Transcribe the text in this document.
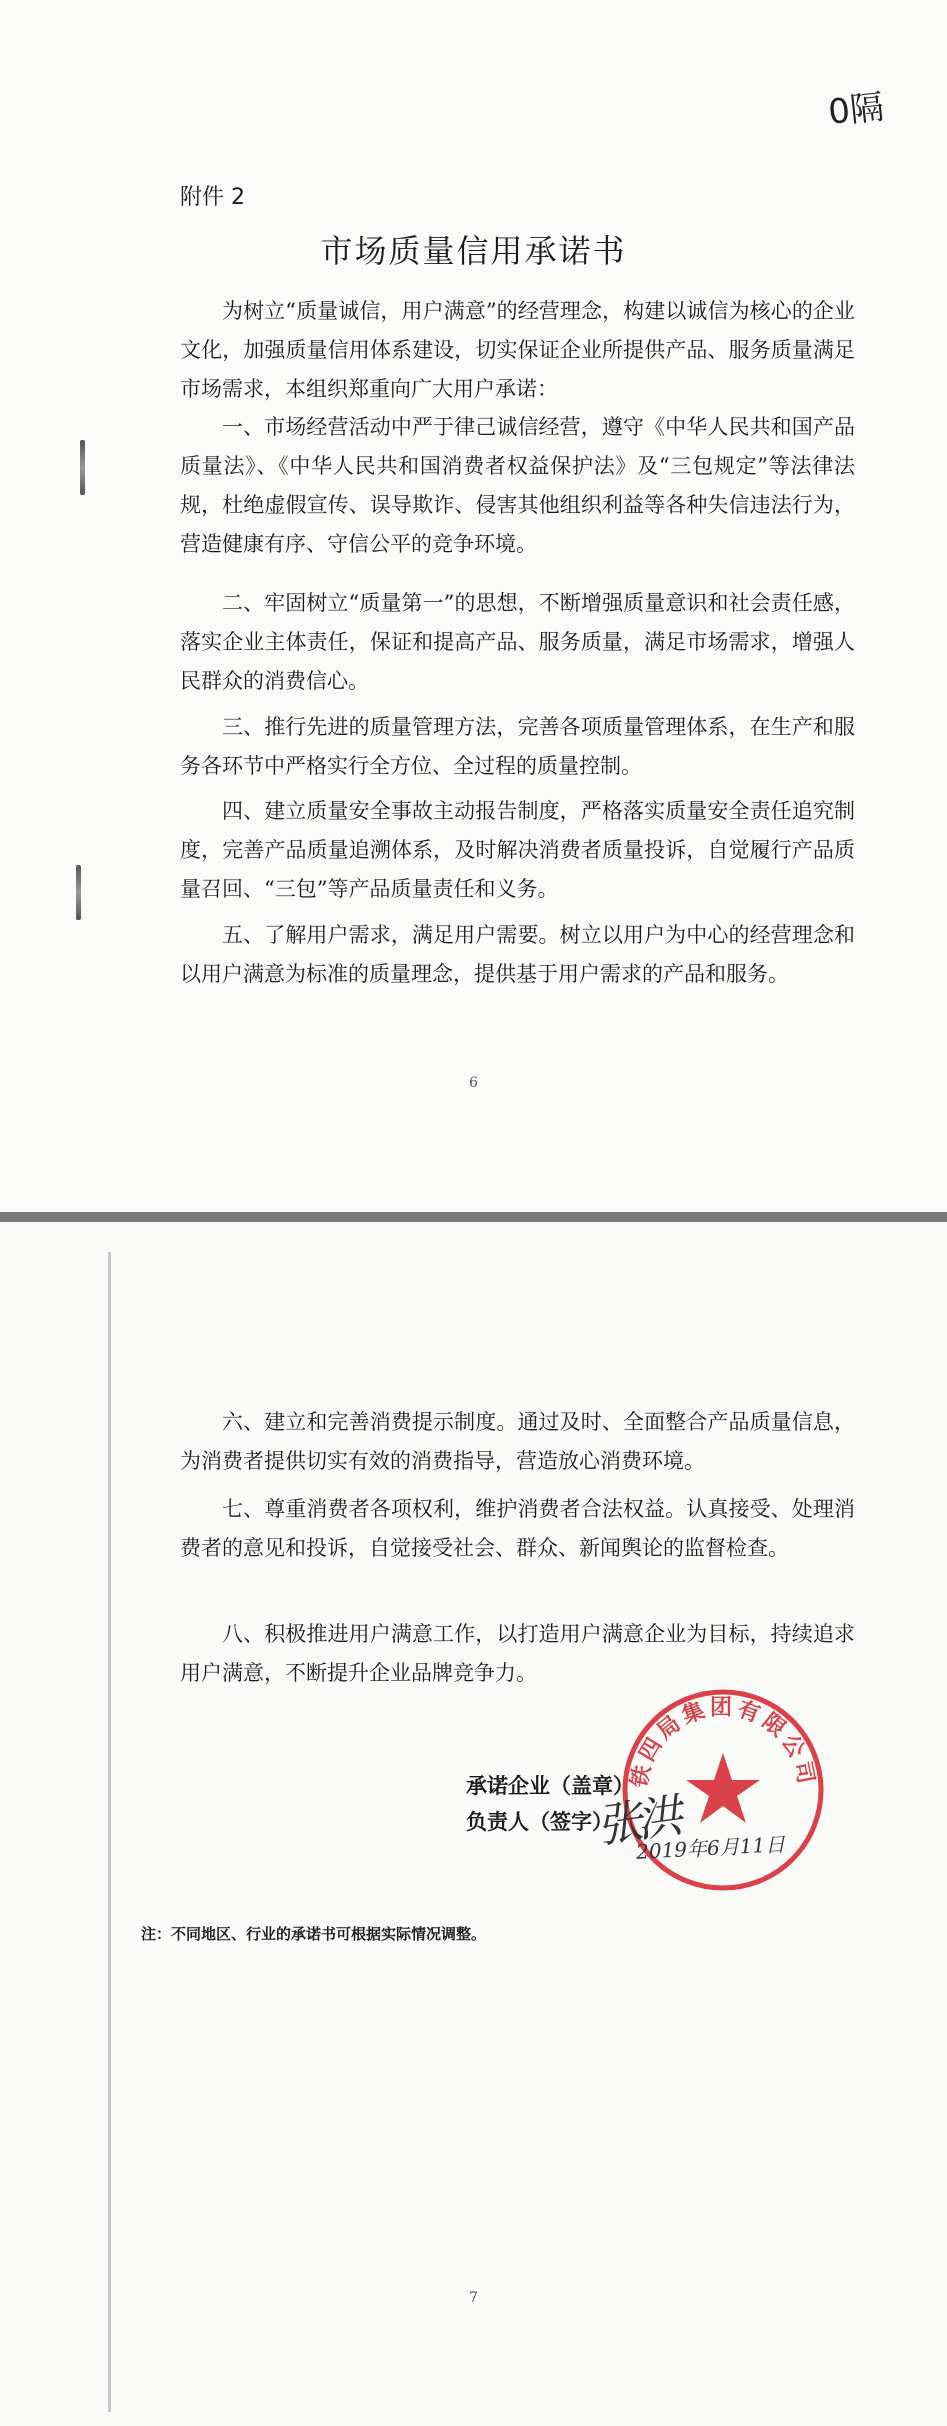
0隔
附件 2
市场质量信用承诺书

为树立“质量诚信，用户满意”的经营理念，构建以诚信为核心的企业文化，加强质量信用体系建设，切实保证企业所提供产品、服务质量满足市场需求，本组织郑重向广大用户承诺：

一、市场经营活动中严于律己诚信经营，遵守《中华人民共和国产品质量法》、《中华人民共和国消费者权益保护法》及“三包规定”等法律法规，杜绝虚假宣传、误导欺诈、侵害其他组织利益等各种失信违法行为，营造健康有序、守信公平的竞争环境。

二、牢固树立“质量第一”的思想，不断增强质量意识和社会责任感，落实企业主体责任，保证和提高产品、服务质量，满足市场需求，增强人民群众的消费信心。

三、推行先进的质量管理方法，完善各项质量管理体系，在生产和服务各环节中严格实行全方位、全过程的质量控制。

四、建立质量安全事故主动报告制度，严格落实质量安全责任追究制度，完善产品质量追溯体系，及时解决消费者质量投诉，自觉履行产品质量召回、“三包”等产品质量责任和义务。

五、了解用户需求，满足用户需要。树立以用户为中心的经营理念和以用户满意为标准的质量理念，提供基于用户需求的产品和服务。

6

六、建立和完善消费提示制度。通过及时、全面整合产品质量信息，为消费者提供切实有效的消费指导，营造放心消费环境。

七、尊重消费者各项权利，维护消费者合法权益。认真接受、处理消费者的意见和投诉，自觉接受社会、群众、新闻舆论的监督检查。

八、积极推进用户满意工作，以打造用户满意企业为目标，持续追求用户满意，不断提升企业品牌竞争力。

铁四局集团有限公司
承诺企业（盖章）
负责人（签字）
张洪
2019年6月11日
注：不同地区、行业的承诺书可根据实际情况调整。
7
